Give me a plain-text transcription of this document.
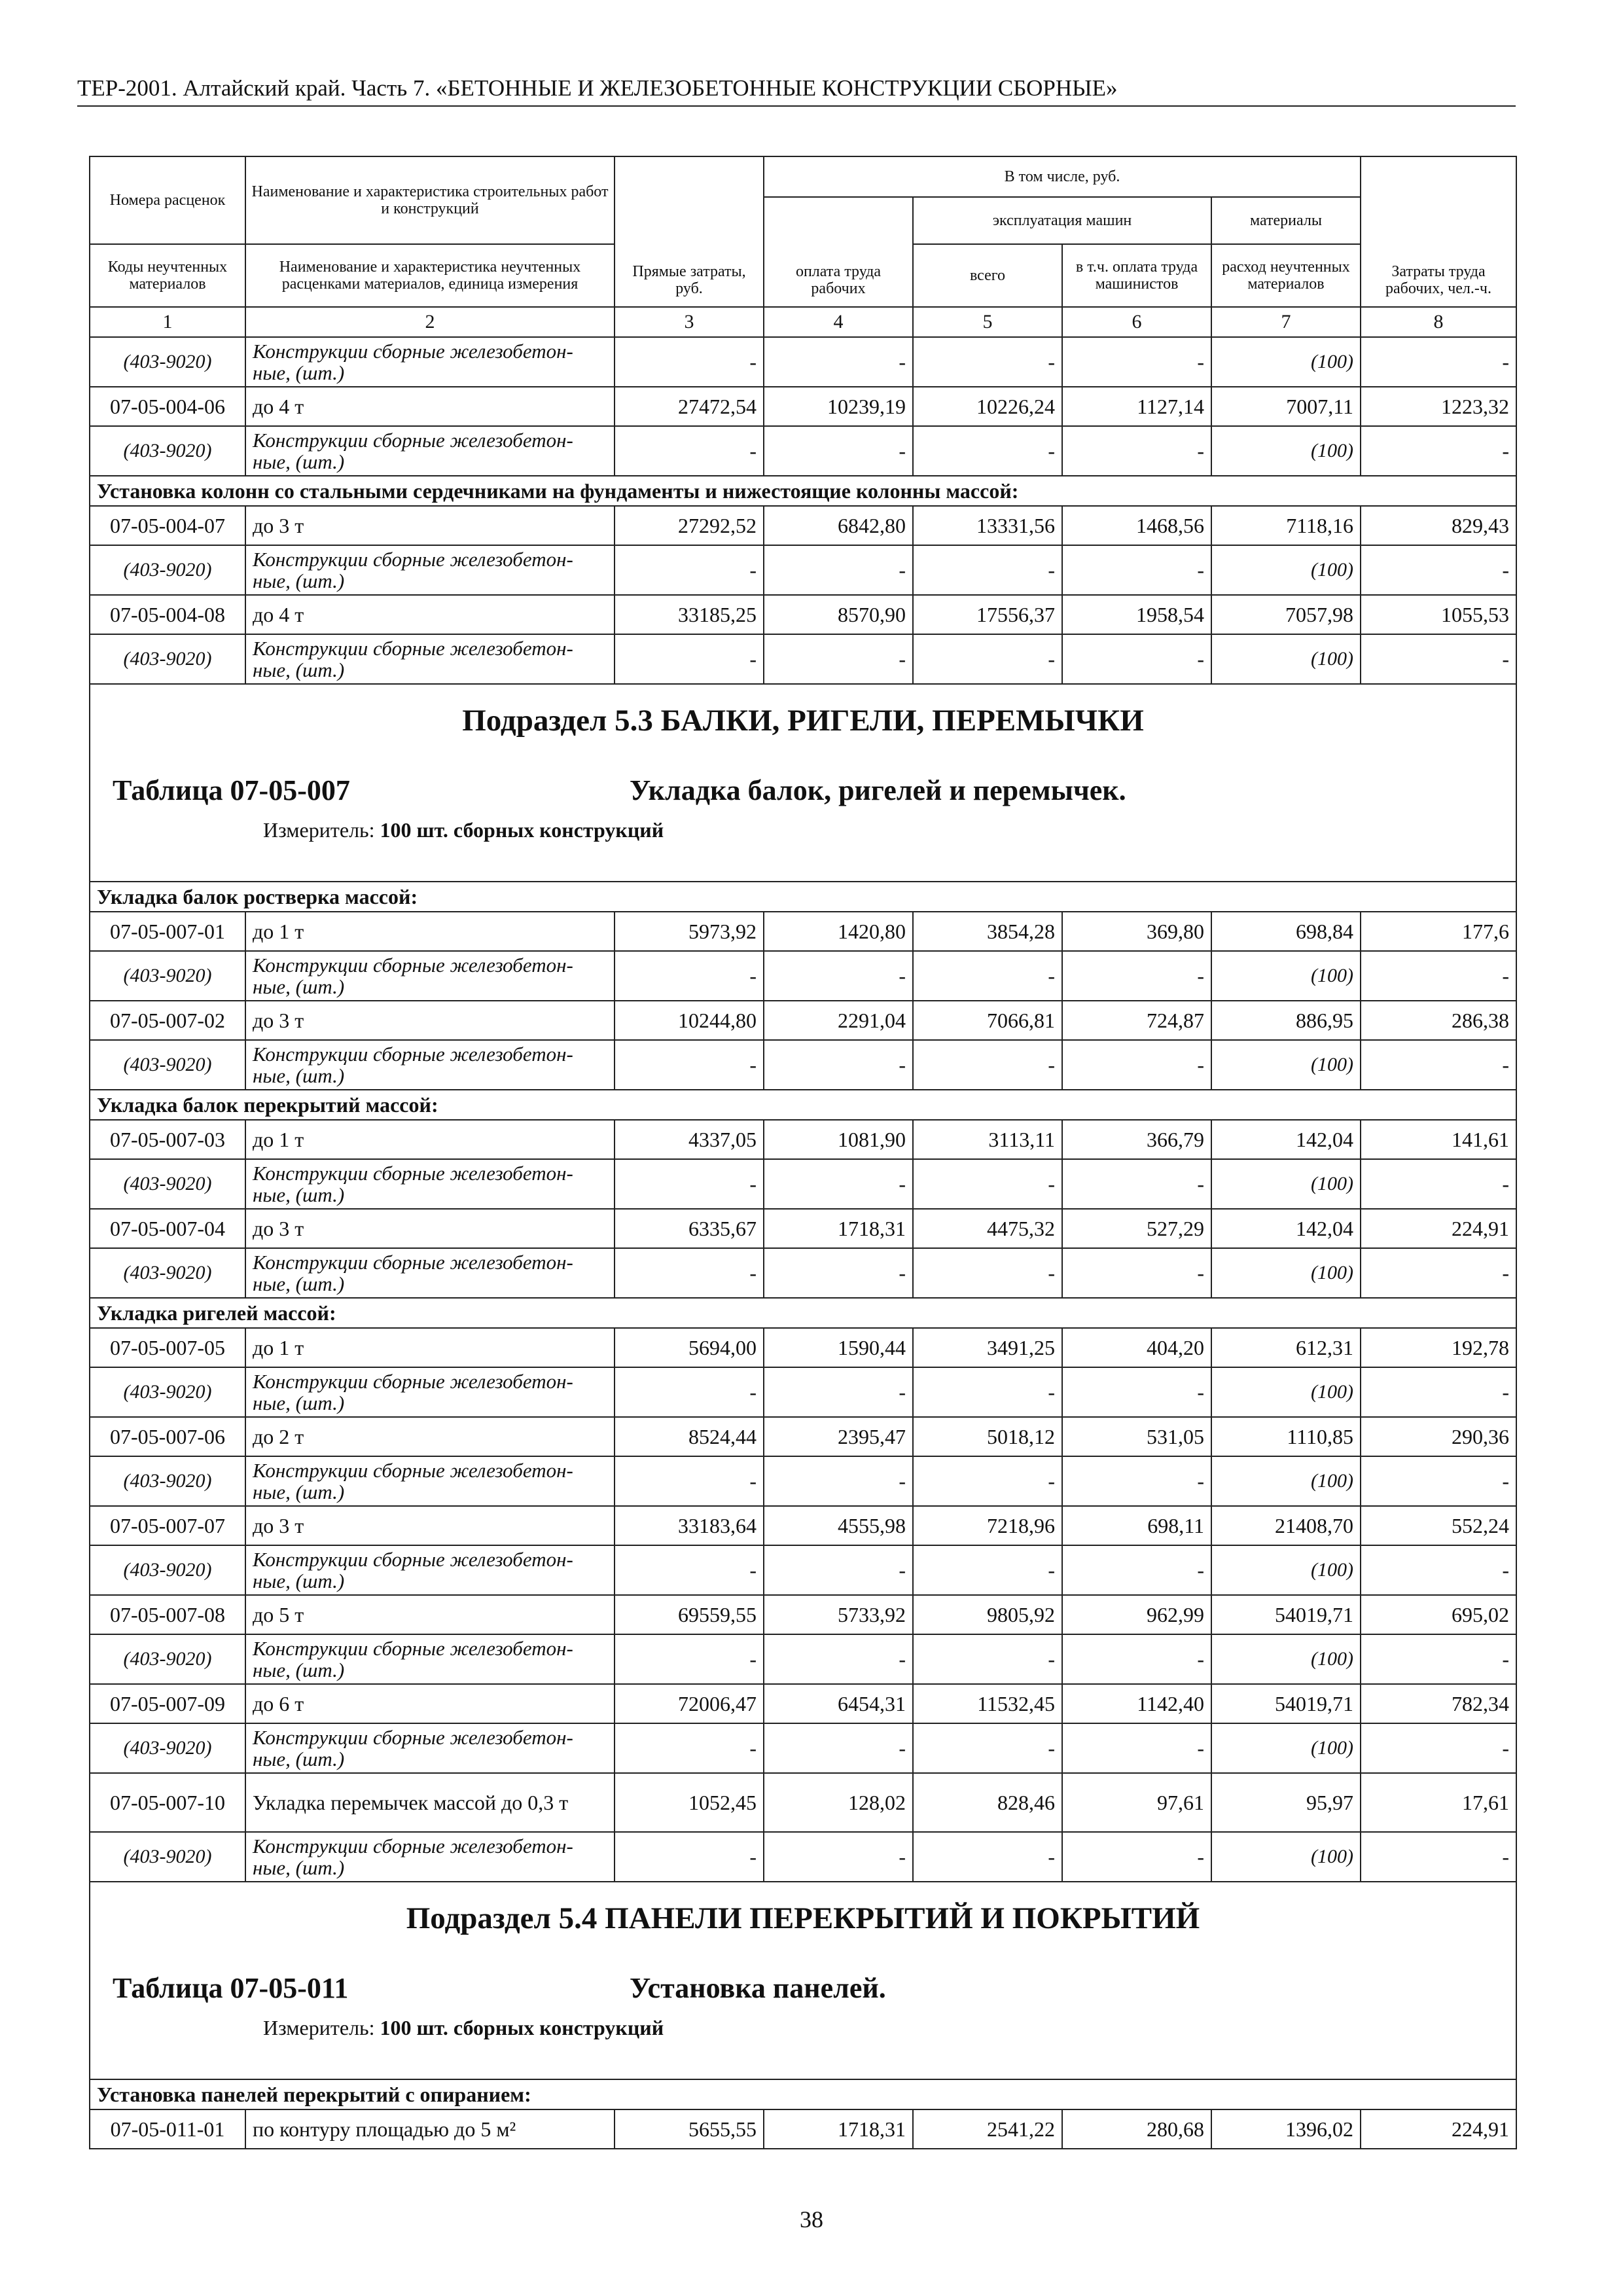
ТЕР-2001. Алтайский край. Часть 7. «БЕТОННЫЕ И ЖЕЛЕЗОБЕТОННЫЕ КОНСТРУКЦИИ СБОРНЫЕ»
Номера расценок	Наименование и характеристика строительных работ и конструкций	Прямые затраты, руб.	В том числе, руб.				Затраты труда рабочих, чел.-ч.
			оплата труда рабочих	эксплуатация машин		материалы	
Коды неучтенных материалов	Наименование и характеристика неучтенных расценками материалов, единица измерения			всего	в т.ч. оплата труда машинистов	расход неучтенных материалов	
1	2	3	4	5	6	7	8
(403-9020)	Конструкции сборные железобетон-ные, (шт.)	-	-	-	-	(100)	-
07-05-004-06	до 4 т	27472,54	10239,19	10226,24	1127,14	7007,11	1223,32
(403-9020)	Конструкции сборные железобетон-ные, (шт.)	-	-	-	-	(100)	-
Установка колонн со стальными сердечниками на фундаменты и нижестоящие колонны массой:							
07-05-004-07	до 3 т	27292,52	6842,80	13331,56	1468,56	7118,16	829,43
(403-9020)	Конструкции сборные железобетон-ные, (шт.)	-	-	-	-	(100)	-
07-05-004-08	до 4 т	33185,25	8570,90	17556,37	1958,54	7057,98	1055,53
(403-9020)	Конструкции сборные железобетон-ные, (шт.)	-	-	-	-	(100)	-

Подраздел 5.3 БАЛКИ, РИГЕЛИ, ПЕРЕМЫЧКИ
Таблица 07-05-007 Укладка балок, ригелей и перемычек.
Измеритель: 100 шт. сборных конструкций							

Укладка балок ростверка массой:							
07-05-007-01	до 1 т	5973,92	1420,80	3854,28	369,80	698,84	177,6
(403-9020)	Конструкции сборные железобетон-ные, (шт.)	-	-	-	-	(100)	-
07-05-007-02	до 3 т	10244,80	2291,04	7066,81	724,87	886,95	286,38
(403-9020)	Конструкции сборные железобетон-ные, (шт.)	-	-	-	-	(100)	-
Укладка балок перекрытий массой:							
07-05-007-03	до 1 т	4337,05	1081,90	3113,11	366,79	142,04	141,61
(403-9020)	Конструкции сборные железобетон-ные, (шт.)	-	-	-	-	(100)	-
07-05-007-04	до 3 т	6335,67	1718,31	4475,32	527,29	142,04	224,91
(403-9020)	Конструкции сборные железобетон-ные, (шт.)	-	-	-	-	(100)	-
Укладка ригелей массой:							
07-05-007-05	до 1 т	5694,00	1590,44	3491,25	404,20	612,31	192,78
(403-9020)	Конструкции сборные железобетон-ные, (шт.)	-	-	-	-	(100)	-
07-05-007-06	до 2 т	8524,44	2395,47	5018,12	531,05	1110,85	290,36
(403-9020)	Конструкции сборные железобетон-ные, (шт.)	-	-	-	-	(100)	-
07-05-007-07	до 3 т	33183,64	4555,98	7218,96	698,11	21408,70	552,24
(403-9020)	Конструкции сборные железобетон-ные, (шт.)	-	-	-	-	(100)	-
07-05-007-08	до 5 т	69559,55	5733,92	9805,92	962,99	54019,71	695,02
(403-9020)	Конструкции сборные железобетон-ные, (шт.)	-	-	-	-	(100)	-
07-05-007-09	до 6 т	72006,47	6454,31	11532,45	1142,40	54019,71	782,34
(403-9020)	Конструкции сборные железобетон-ные, (шт.)	-	-	-	-	(100)	-
07-05-007-10	Укладка перемычек массой до 0,3 т	1052,45	128,02	828,46	97,61	95,97	17,61
(403-9020)	Конструкции сборные железобетон-ные, (шт.)	-	-	-	-	(100)	-

Подраздел 5.4 ПАНЕЛИ ПЕРЕКРЫТИЙ И ПОКРЫТИЙ
Таблица 07-05-011 Установка панелей.
Измеритель: 100 шт. сборных конструкций							

Установка панелей перекрытий с опиранием:							
07-05-011-01	по контуру площадью до 5 м²	5655,55	1718,31	2541,22	280,68	1396,02	224,91
38
